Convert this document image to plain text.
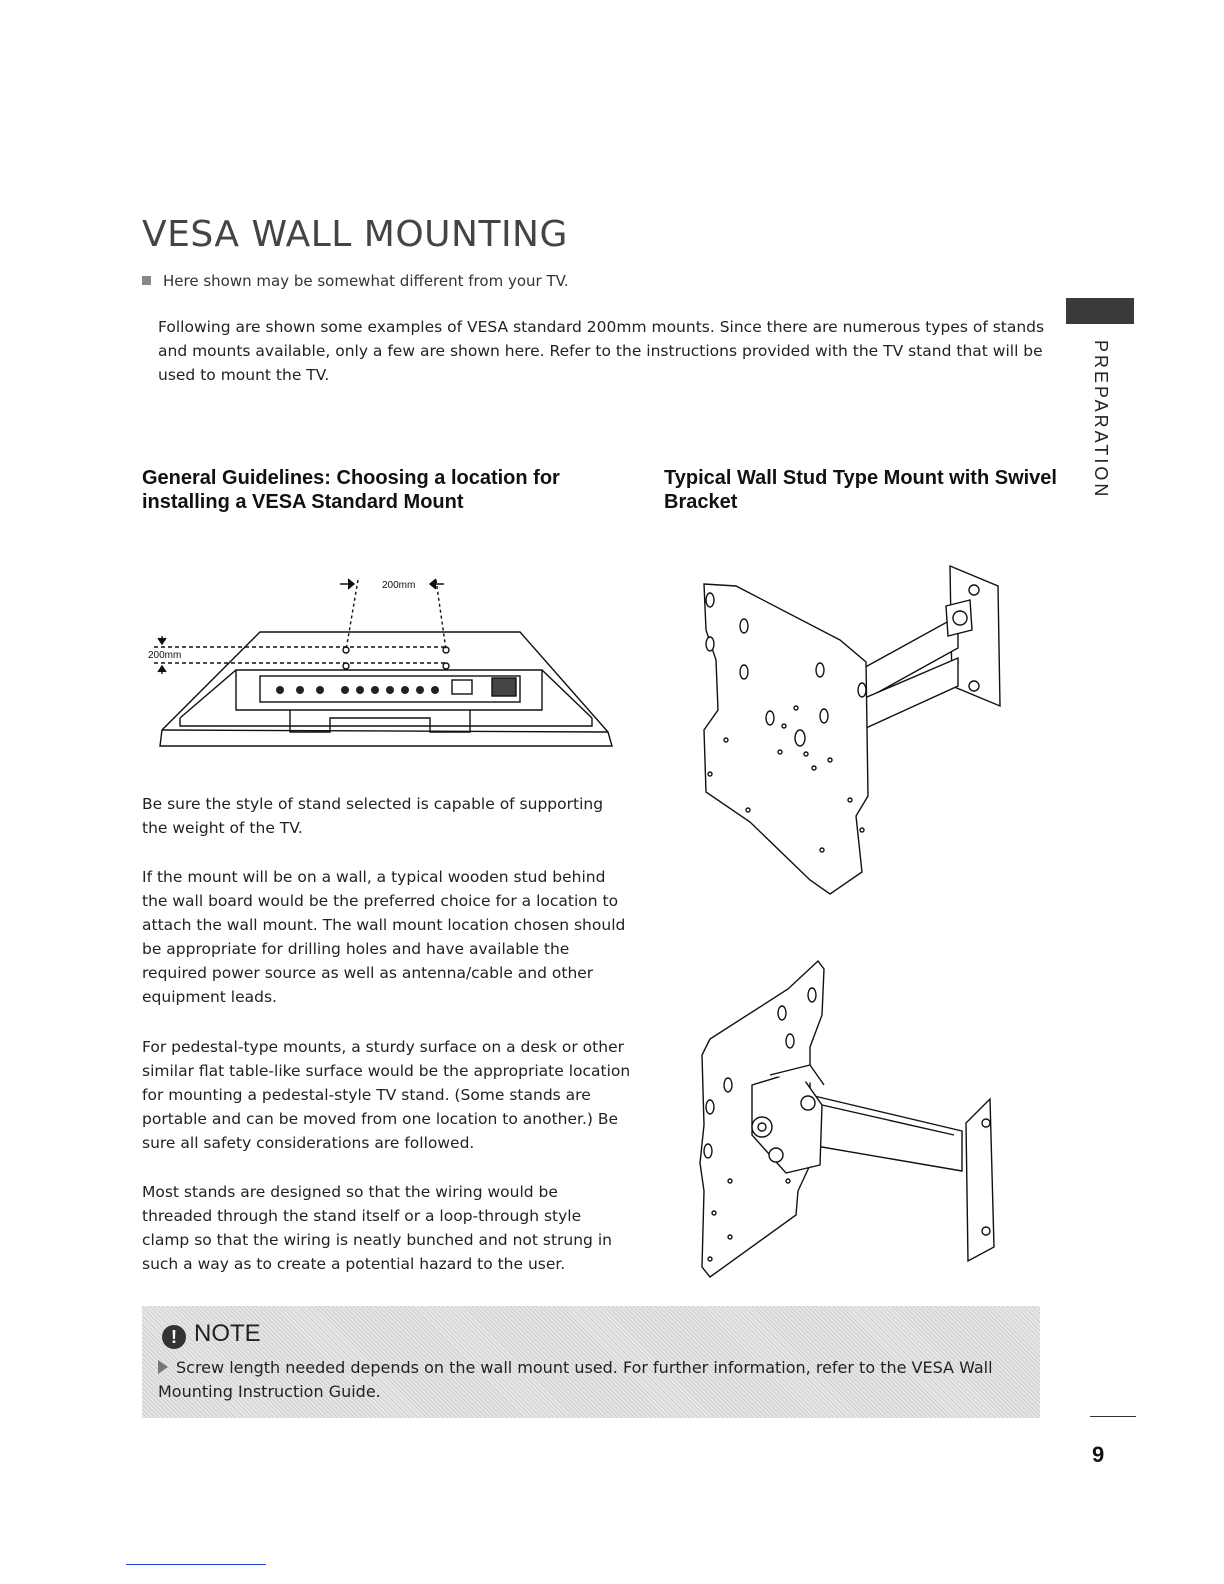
VESA WALL MOUNTING
Here shown may be somewhat different from your TV.

Following are shown some examples of VESA standard 200mm mounts. Since there are numerous types of stands and mounts available, only a few are shown here. Refer to the instructions provided with the TV stand that will be used to mount the TV.	PREPARATION
General Guidelines: Choosing a location for installing a VESA Standard Mount
Typical Wall Stud Type Mount with Swivel Bracket
200mm
200mm

Be sure the style of stand selected is capable of supporting the weight of the TV.

If the mount will be on a wall, a typical wooden stud behind the wall board would be the preferred choice for a location to attach the wall mount. The wall mount location chosen should be appropriate for drilling holes and have available the required power source as well as antenna/cable and other equipment leads.

For pedestal-type mounts, a sturdy surface on a desk or other similar flat table-like surface would be the appropriate location for mounting a pedestal-style TV stand. (Some stands are portable and can be moved from one location to another.) Be sure all safety considerations are followed.

Most stands are designed so that the wiring would be threaded through the stand itself or a loop-through style clamp so that the wiring is neatly bunched and not strung in such a way as to create a potential hazard to the user.

! NOTE

Screw length needed depends on the wall mount used. For further information, refer to the VESA Wall Mounting Instruction Guide.

9
